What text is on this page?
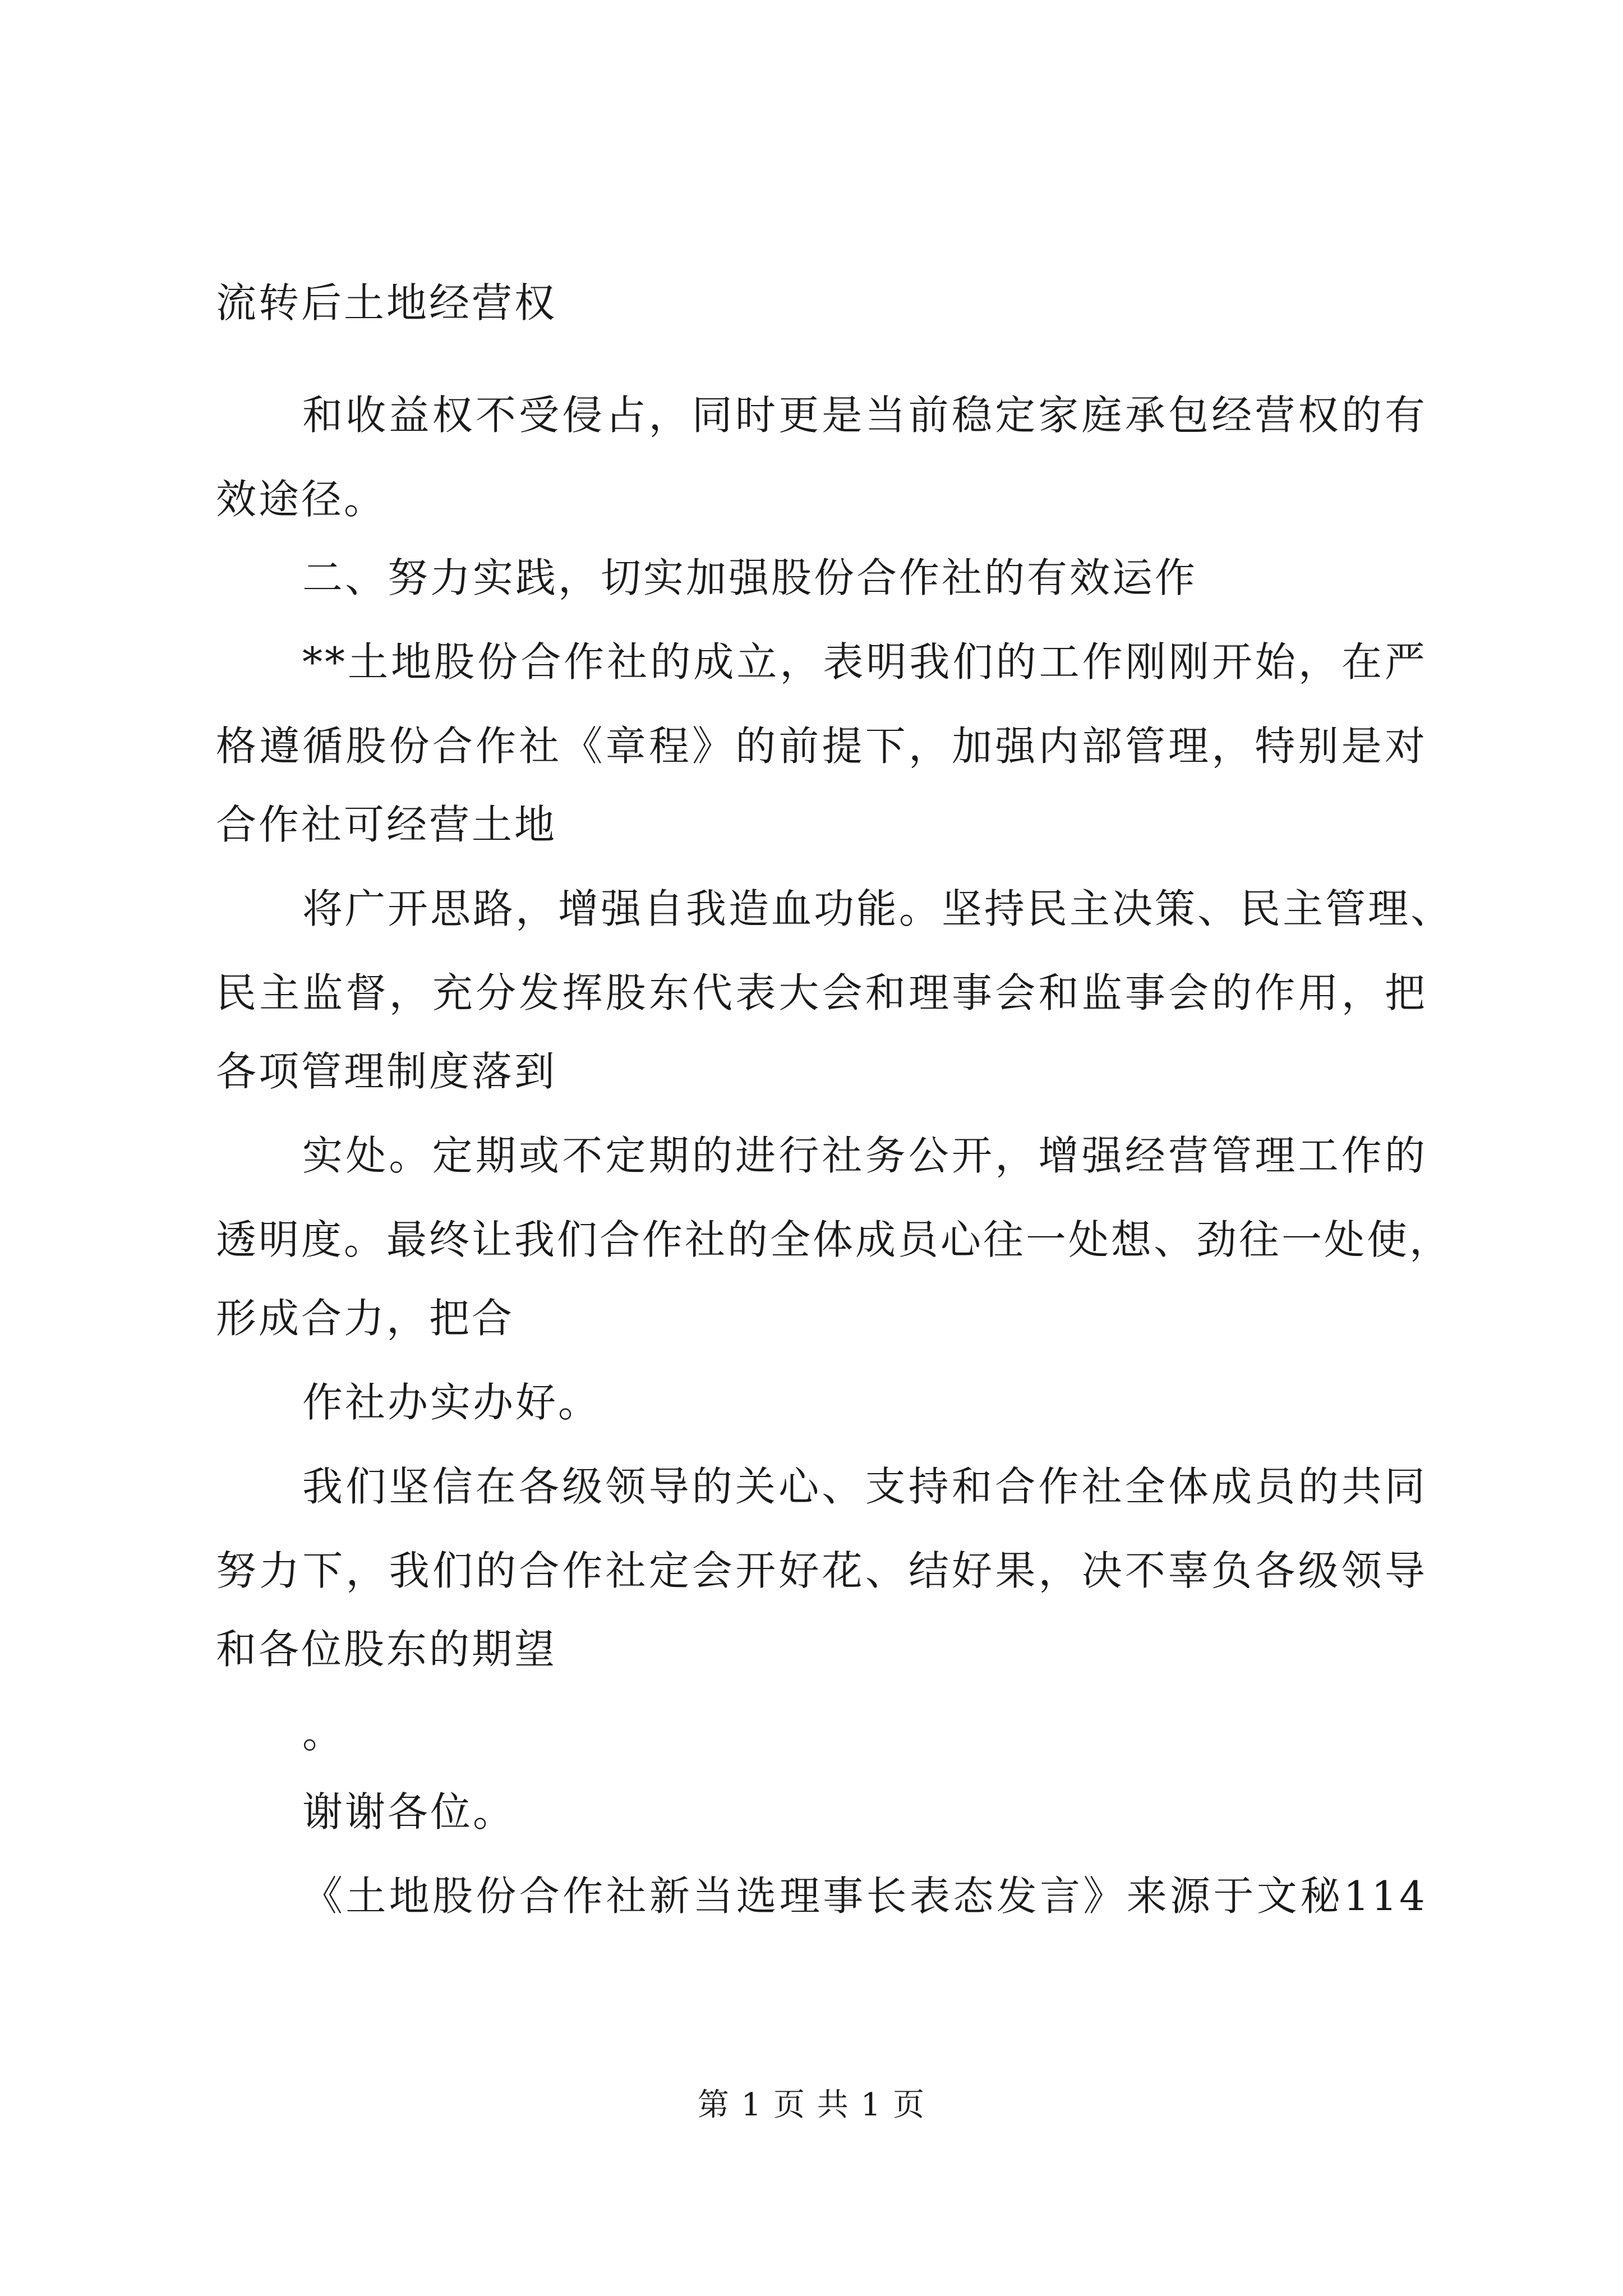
流转后土地经营权
和收益权不受侵占，同时更是当前稳定家庭承包经营权的有
效途径。
二、努力实践，切实加强股份合作社的有效运作
**土地股份合作社的成立，表明我们的工作刚刚开始，在严
格遵循股份合作社《章程》的前提下，加强内部管理，特别是对
合作社可经营土地
将广开思路，增强自我造血功能。坚持民主决策、民主管理、
民主监督，充分发挥股东代表大会和理事会和监事会的作用，把
各项管理制度落到
实处。定期或不定期的进行社务公开，增强经营管理工作的
透明度。最终让我们合作社的全体成员心往一处想、劲往一处使，
形成合力，把合
作社办实办好。
我们坚信在各级领导的关心、支持和合作社全体成员的共同
努力下，我们的合作社定会开好花、结好果，决不辜负各级领导
和各位股东的期望
。
谢谢各位。
《土地股份合作社新当选理事长表态发言》来源于文秘114
第 1 页 共 1 页
